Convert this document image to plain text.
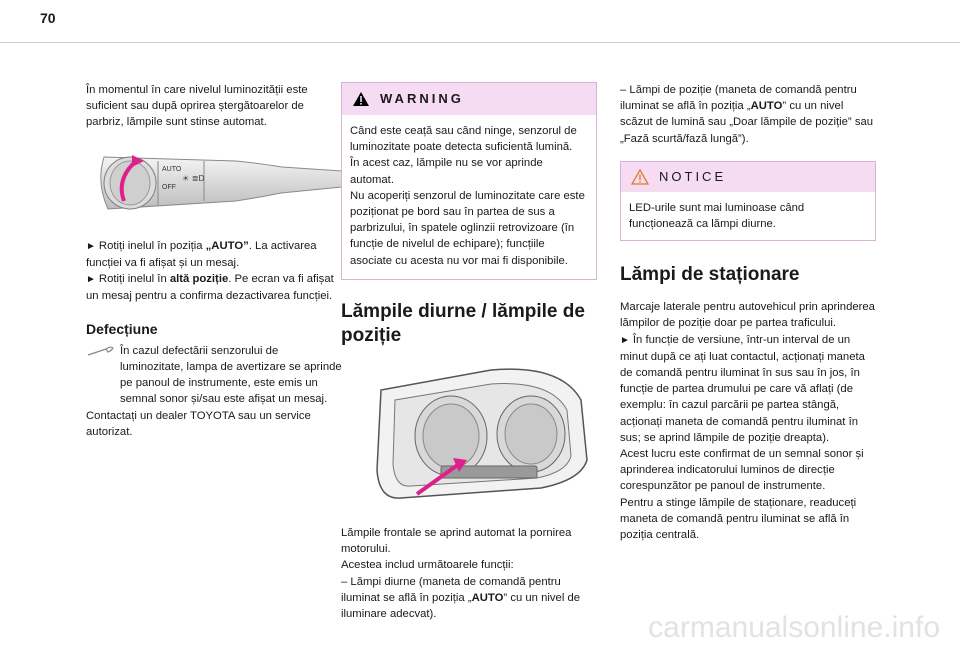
70

În momentul în care nivelul luminozității este suficient sau după oprirea ștergătoarelor de parbriz, lămpile sunt stinse automat.

AUTO
OFF
☀ ≣D

► Rotiți inelul în poziția „AUTO”. La activarea funcției va fi afișat și un mesaj.

► Rotiți inelul în altă poziție. Pe ecran va fi afișat un mesaj pentru a confirma dezactivarea funcției.

Defecțiune

În cazul defectării senzorului de luminozitate, lampa de avertizare se aprinde pe panoul de instrumente, este emis un semnal sonor și/sau este afișat un mesaj.

Contactați un dealer TOYOTA sau un service autorizat.

WARNING

Când este ceață sau când ninge, senzorul de luminozitate poate detecta suficientă lumină.

În acest caz, lămpile nu se vor aprinde automat.

Nu acoperiți senzorul de luminozitate care este poziționat pe bord sau în partea de sus a parbrizului, în spatele oglinzii retrovizoare (în funcție de nivelul de echipare); funcțiile asociate cu acesta nu vor mai fi disponibile.

Lămpile diurne / lămpile de poziție

Lămpile frontale se aprind automat la pornirea motorului.

Acestea includ următoarele funcții:

– Lămpi diurne (maneta de comandă pentru iluminat se află în poziția „AUTO” cu un nivel de iluminare adecvat).

– Lămpi de poziție (maneta de comandă pentru iluminat se află în poziția „AUTO” cu un nivel scăzut de lumină sau „Doar lămpile de poziție” sau „Fază scurtă/fază lungă”).

NOTICE

LED-urile sunt mai luminoase când funcționează ca lămpi diurne.

Lămpi de staționare

Marcaje laterale pentru autovehicul prin aprinderea lămpilor de poziție doar pe partea traficului.

► În funcție de versiune, într-un interval de un minut după ce ați luat contactul, acționați maneta de comandă pentru iluminat în sus sau în jos, în funcție de partea drumului pe care vă aflați (de exemplu: în cazul parcării pe partea stângă, acționați maneta de comandă pentru iluminat în sus; se aprind lămpile de poziție dreapta).

Acest lucru este confirmat de un semnal sonor și aprinderea indicatorului luminos de direcție corespunzător pe panoul de instrumente.

Pentru a stinge lămpile de staționare, readuceți maneta de comandă pentru iluminat se află în poziția centrală.

carmanualsonline.info
